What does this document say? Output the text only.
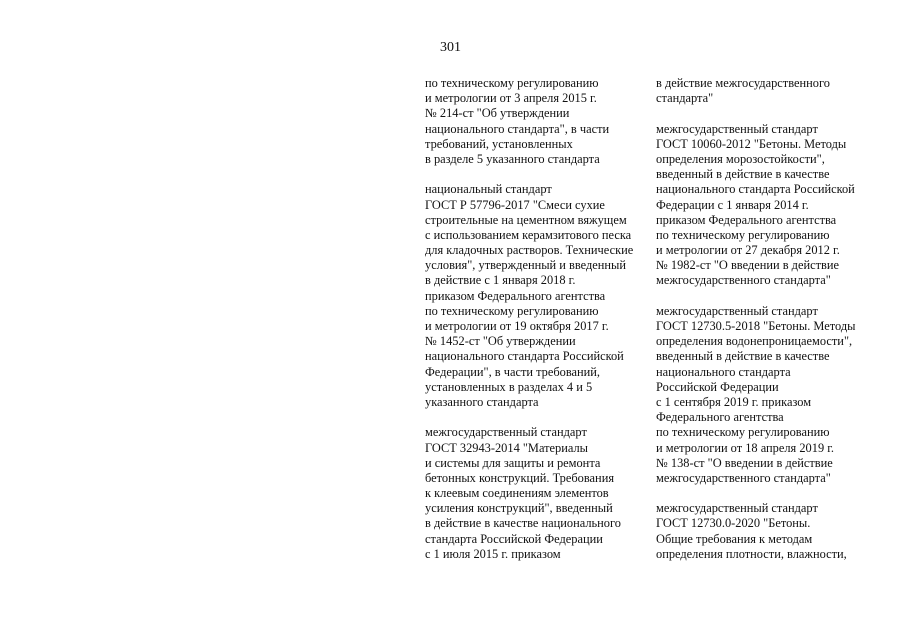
301
по техническому регулированию
и метрологии от 3 апреля 2015 г.
№ 214-ст "Об утверждении
национального стандарта", в части
требований, установленных
в разделе 5 указанного стандарта
национальный стандарт
ГОСТ Р 57796-2017 "Смеси сухие
строительные на цементном вяжущем
с использованием керамзитового песка
для кладочных растворов. Технические
условия", утвержденный и введенный
в действие с 1 января 2018 г.
приказом Федерального агентства
по техническому регулированию
и метрологии от 19 октября 2017 г.
№ 1452-ст "Об утверждении
национального стандарта Российской
Федерации", в части требований,
установленных в разделах 4 и 5
указанного стандарта
межгосударственный стандарт
ГОСТ 32943-2014 "Материалы
и системы для защиты и ремонта
бетонных конструкций. Требования
к клеевым соединениям элементов
усиления конструкций", введенный
в действие в качестве национального
стандарта Российской Федерации
с 1 июля 2015 г. приказом
в действие межгосударственного
стандарта"
межгосударственный стандарт
ГОСТ 10060-2012 "Бетоны. Методы
определения морозостойкости",
введенный в действие в качестве
национального стандарта Российской
Федерации с 1 января 2014 г.
приказом Федерального агентства
по техническому регулированию
и метрологии от 27 декабря 2012 г.
№ 1982-ст "О введении в действие
межгосударственного стандарта"
межгосударственный стандарт
ГОСТ 12730.5-2018 "Бетоны. Методы
определения водонепроницаемости",
введенный в действие в качестве
национального стандарта
Российской Федерации
с 1 сентября 2019 г. приказом
Федерального агентства
по техническому регулированию
и метрологии от 18 апреля 2019 г.
№ 138-ст "О введении в действие
межгосударственного стандарта"
межгосударственный стандарт
ГОСТ 12730.0-2020 "Бетоны.
Общие требования к методам
определения плотности, влажности,
